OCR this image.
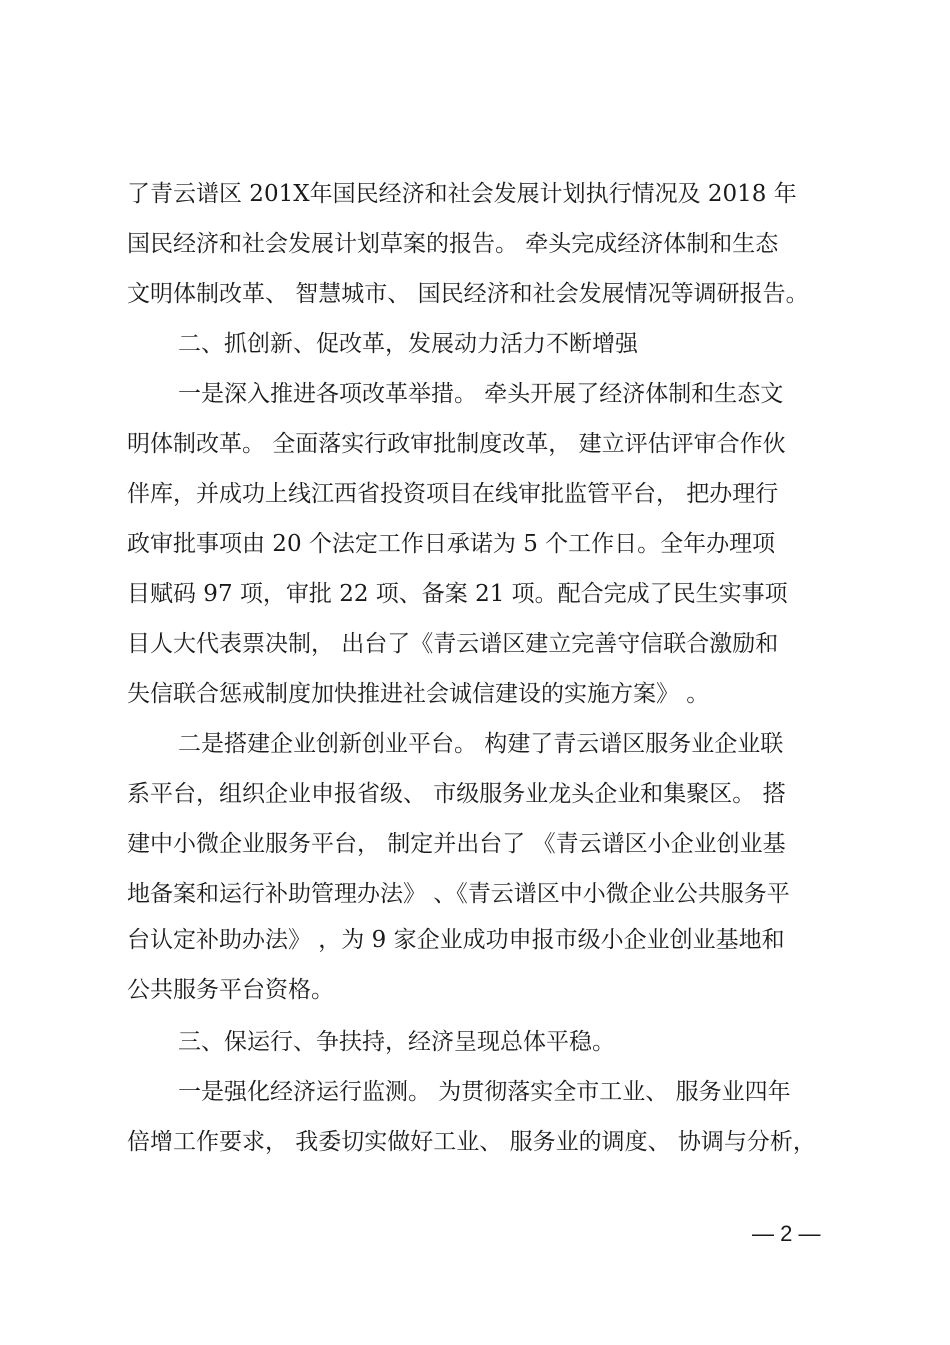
了青云谱区 201X年国民经济和社会发展计划执行情况及 2018 年
国民经济和社会发展计划草案的报告。 牵头完成经济体制和生态
文明体制改革、 智慧城市、 国民经济和社会发展情况等调研报告。
二、抓创新、促改革，发展动力活力不断增强
一是深入推进各项改革举措。 牵头开展了经济体制和生态文
明体制改革。 全面落实行政审批制度改革， 建立评估评审合作伙
伴库，并成功上线江西省投资项目在线审批监管平台， 把办理行
政审批事项由 20 个法定工作日承诺为 5 个工作日。全年办理项
目赋码 97 项，审批 22 项、备案 21 项。配合完成了民生实事项
目人大代表票决制， 出台了《青云谱区建立完善守信联合激励和
失信联合惩戒制度加快推进社会诚信建设的实施方案》 。
二是搭建企业创新创业平台。 构建了青云谱区服务业企业联
系平台，组织企业申报省级、 市级服务业龙头企业和集聚区。 搭
建中小微企业服务平台， 制定并出台了 《青云谱区小企业创业基
地备案和运行补助管理办法》 、《青云谱区中小微企业公共服务平
台认定补助办法》 ，为 9 家企业成功申报市级小企业创业基地和
公共服务平台资格。
三、保运行、争扶持，经济呈现总体平稳。
一是强化经济运行监测。 为贯彻落实全市工业、 服务业四年
倍增工作要求， 我委切实做好工业、 服务业的调度、 协调与分析，
— 2 —
